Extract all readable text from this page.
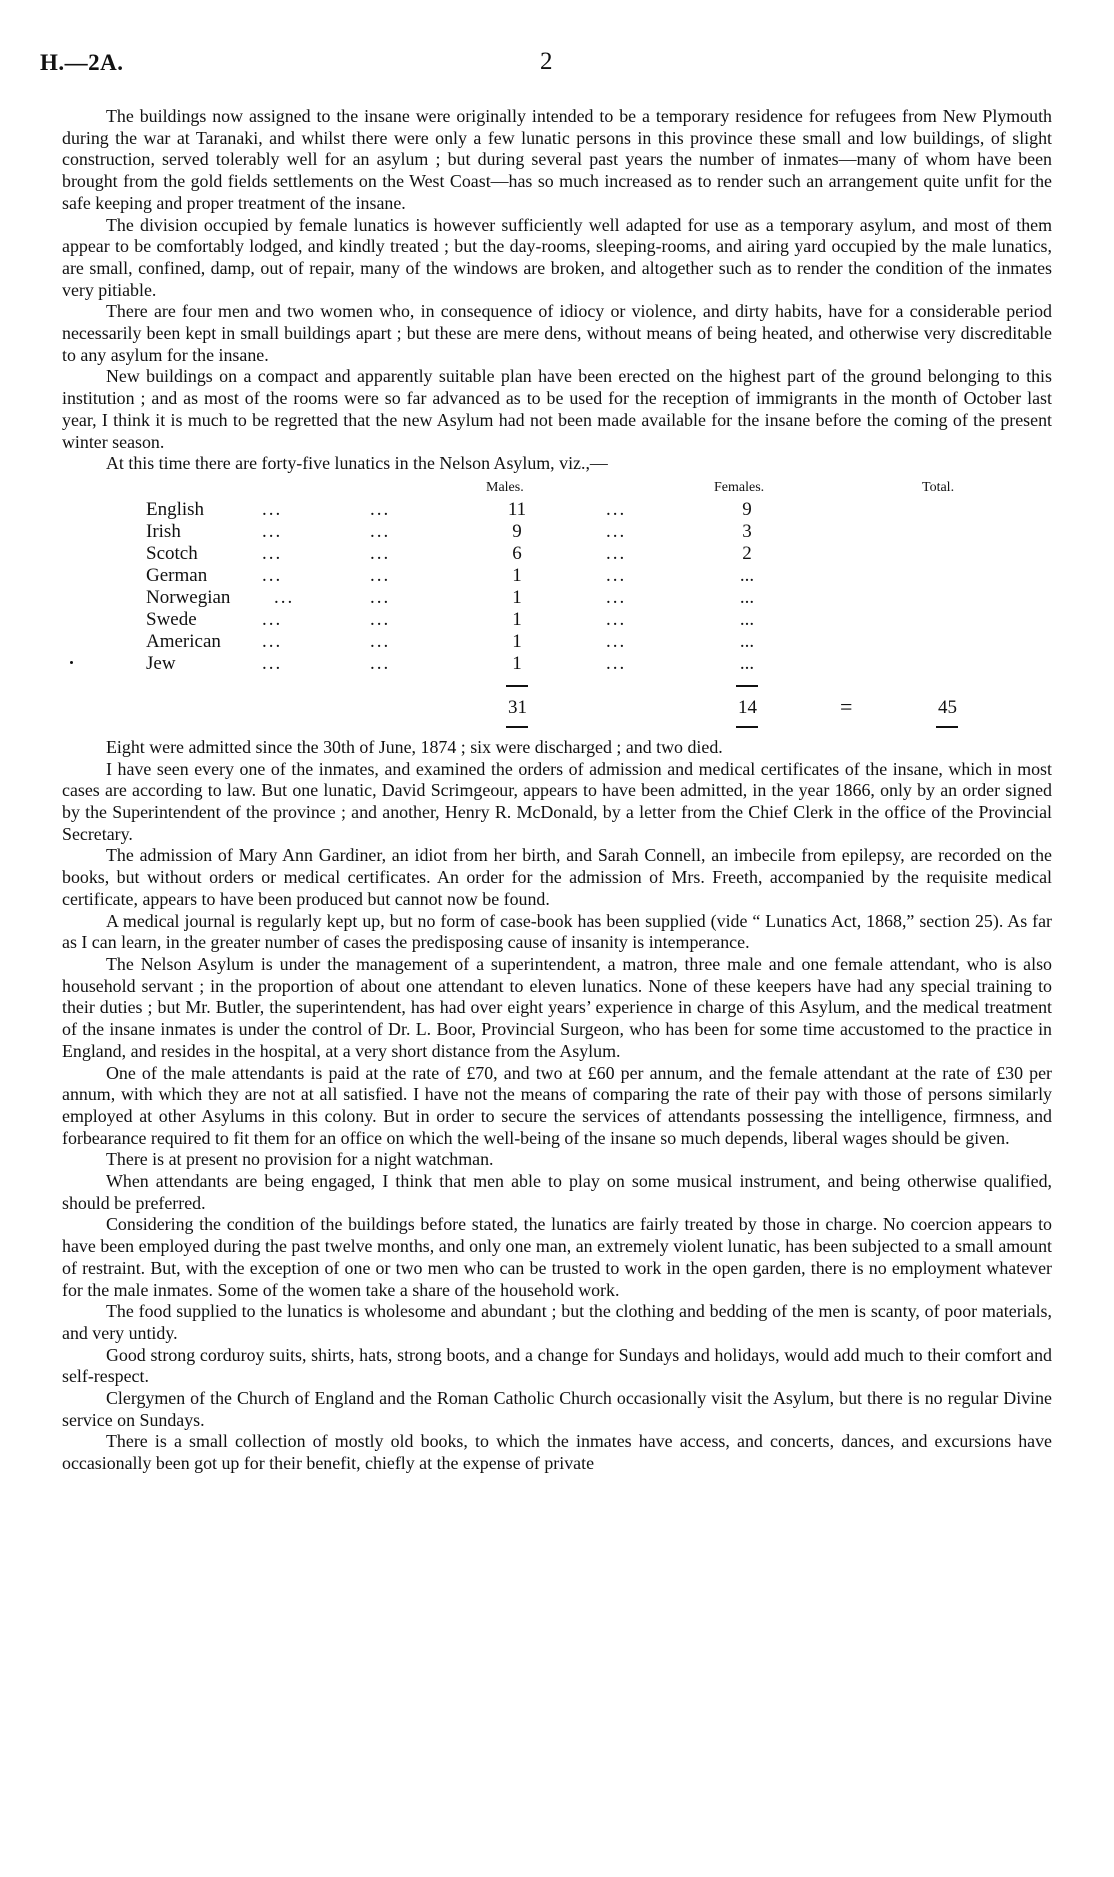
H.—2A.	2

The buildings now assigned to the insane were originally intended to be a temporary residence for refugees from New Plymouth during the war at Taranaki, and whilst there were only a few lunatic persons in this province these small and low buildings, of slight construction, served tolerably well for an asylum ; but during several past years the number of inmates—many of whom have been brought from the gold fields settlements on the West Coast—has so much increased as to render such an arrangement quite unfit for the safe keeping and proper treatment of the insane.

The division occupied by female lunatics is however sufficiently well adapted for use as a temporary asylum, and most of them appear to be comfortably lodged, and kindly treated ; but the day-rooms, sleeping-rooms, and airing yard occupied by the male lunatics, are small, confined, damp, out of repair, many of the windows are broken, and altogether such as to render the condition of the inmates very pitiable.

There are four men and two women who, in consequence of idiocy or violence, and dirty habits, have for a considerable period necessarily been kept in small buildings apart ; but these are mere dens, without means of being heated, and otherwise very discreditable to any asylum for the insane.

New buildings on a compact and apparently suitable plan have been erected on the highest part of the ground belonging to this institution ; and as most of the rooms were so far advanced as to be used for the reception of immigrants in the month of October last year, I think it is much to be regretted that the new Asylum had not been made available for the insane before the coming of the present winter season.

At this time there are forty-five lunatics in the Nelson Asylum, viz.,—

Males.	Females.	Total.
English	...	...	11	...	9
Irish	...	...	9	...	3
Scotch	...	...	6	...	2
German	...	...	1	...	...
Norwegian ...	...	1	...	...
Swede	...	...	1	...	...
American ...	...	1	...	...
Jew	...	...	1	...	...
31	14	=	45

Eight were admitted since the 30th of June, 1874 ; six were discharged ; and two died.

I have seen every one of the inmates, and examined the orders of admission and medical certificates of the insane, which in most cases are according to law. But one lunatic, David Scrimgeour, appears to have been admitted, in the year 1866, only by an order signed by the Superintendent of the province ; and another, Henry R. McDonald, by a letter from the Chief Clerk in the office of the Provincial Secretary.

The admission of Mary Ann Gardiner, an idiot from her birth, and Sarah Connell, an imbecile from epilepsy, are recorded on the books, but without orders or medical certificates. An order for the admission of Mrs. Freeth, accompanied by the requisite medical certificate, appears to have been produced but cannot now be found.

A medical journal is regularly kept up, but no form of case-book has been supplied (vide “ Lunatics Act, 1868,” section 25). As far as I can learn, in the greater number of cases the predisposing cause of insanity is intemperance.

The Nelson Asylum is under the management of a superintendent, a matron, three male and one female attendant, who is also household servant ; in the proportion of about one attendant to eleven lunatics. None of these keepers have had any special training to their duties ; but Mr. Butler, the superintendent, has had over eight years’ experience in charge of this Asylum, and the medical treatment of the insane inmates is under the control of Dr. L. Boor, Provincial Surgeon, who has been for some time accustomed to the practice in England, and resides in the hospital, at a very short distance from the Asylum.

One of the male attendants is paid at the rate of £70, and two at £60 per annum, and the female attendant at the rate of £30 per annum, with which they are not at all satisfied. I have not the means of comparing the rate of their pay with those of persons similarly employed at other Asylums in this colony. But in order to secure the services of attendants possessing the intelligence, firmness, and forbearance required to fit them for an office on which the well-being of the insane so much depends, liberal wages should be given.

There is at present no provision for a night watchman.

When attendants are being engaged, I think that men able to play on some musical instrument, and being otherwise qualified, should be preferred.

Considering the condition of the buildings before stated, the lunatics are fairly treated by those in charge. No coercion appears to have been employed during the past twelve months, and only one man, an extremely violent lunatic, has been subjected to a small amount of restraint. But, with the exception of one or two men who can be trusted to work in the open garden, there is no employment whatever for the male inmates. Some of the women take a share of the household work.

The food supplied to the lunatics is wholesome and abundant ; but the clothing and bedding of the men is scanty, of poor materials, and very untidy.

Good strong corduroy suits, shirts, hats, strong boots, and a change for Sundays and holidays, would add much to their comfort and self-respect.

Clergymen of the Church of England and the Roman Catholic Church occasionally visit the Asylum, but there is no regular Divine service on Sundays.

There is a small collection of mostly old books, to which the inmates have access, and concerts, dances, and excursions have occasionally been got up for their benefit, chiefly at the expense of private
